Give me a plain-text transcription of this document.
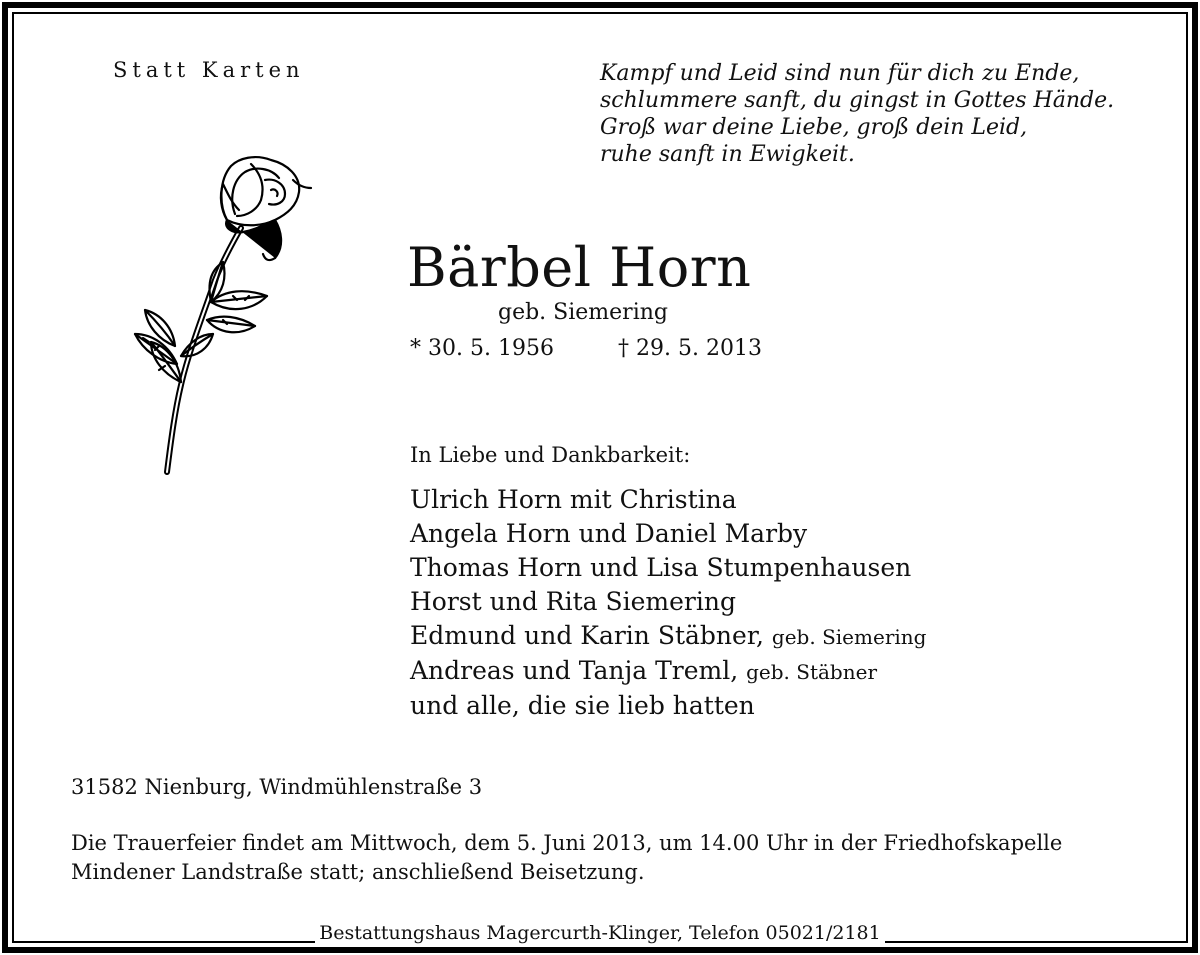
Statt Karten	Kampf und Leid sind nun für dich zu Ende,
schlummere sanft, du gingst in Gottes Hände.
Groß war deine Liebe, groß dein Leid,
ruhe sanft in Ewigkeit.
Bärbel Horn
geb. Siemering
* 30. 5. 1956	† 29. 5. 2013
In Liebe und Dankbarkeit:
Ulrich Horn mit Christina
Angela Horn und Daniel Marby
Thomas Horn und Lisa Stumpenhausen
Horst und Rita Siemering
Edmund und Karin Stäbner, geb. Siemering
Andreas und Tanja Treml, geb. Stäbner
und alle, die sie lieb hatten
31582 Nienburg, Windmühlenstraße 3
Die Trauerfeier findet am Mittwoch, dem 5. Juni 2013, um 14.00 Uhr in der Friedhofskapelle
Mindener Landstraße statt; anschließend Beisetzung.
Bestattungshaus Magercurth-Klinger, Telefon 05021/2181
